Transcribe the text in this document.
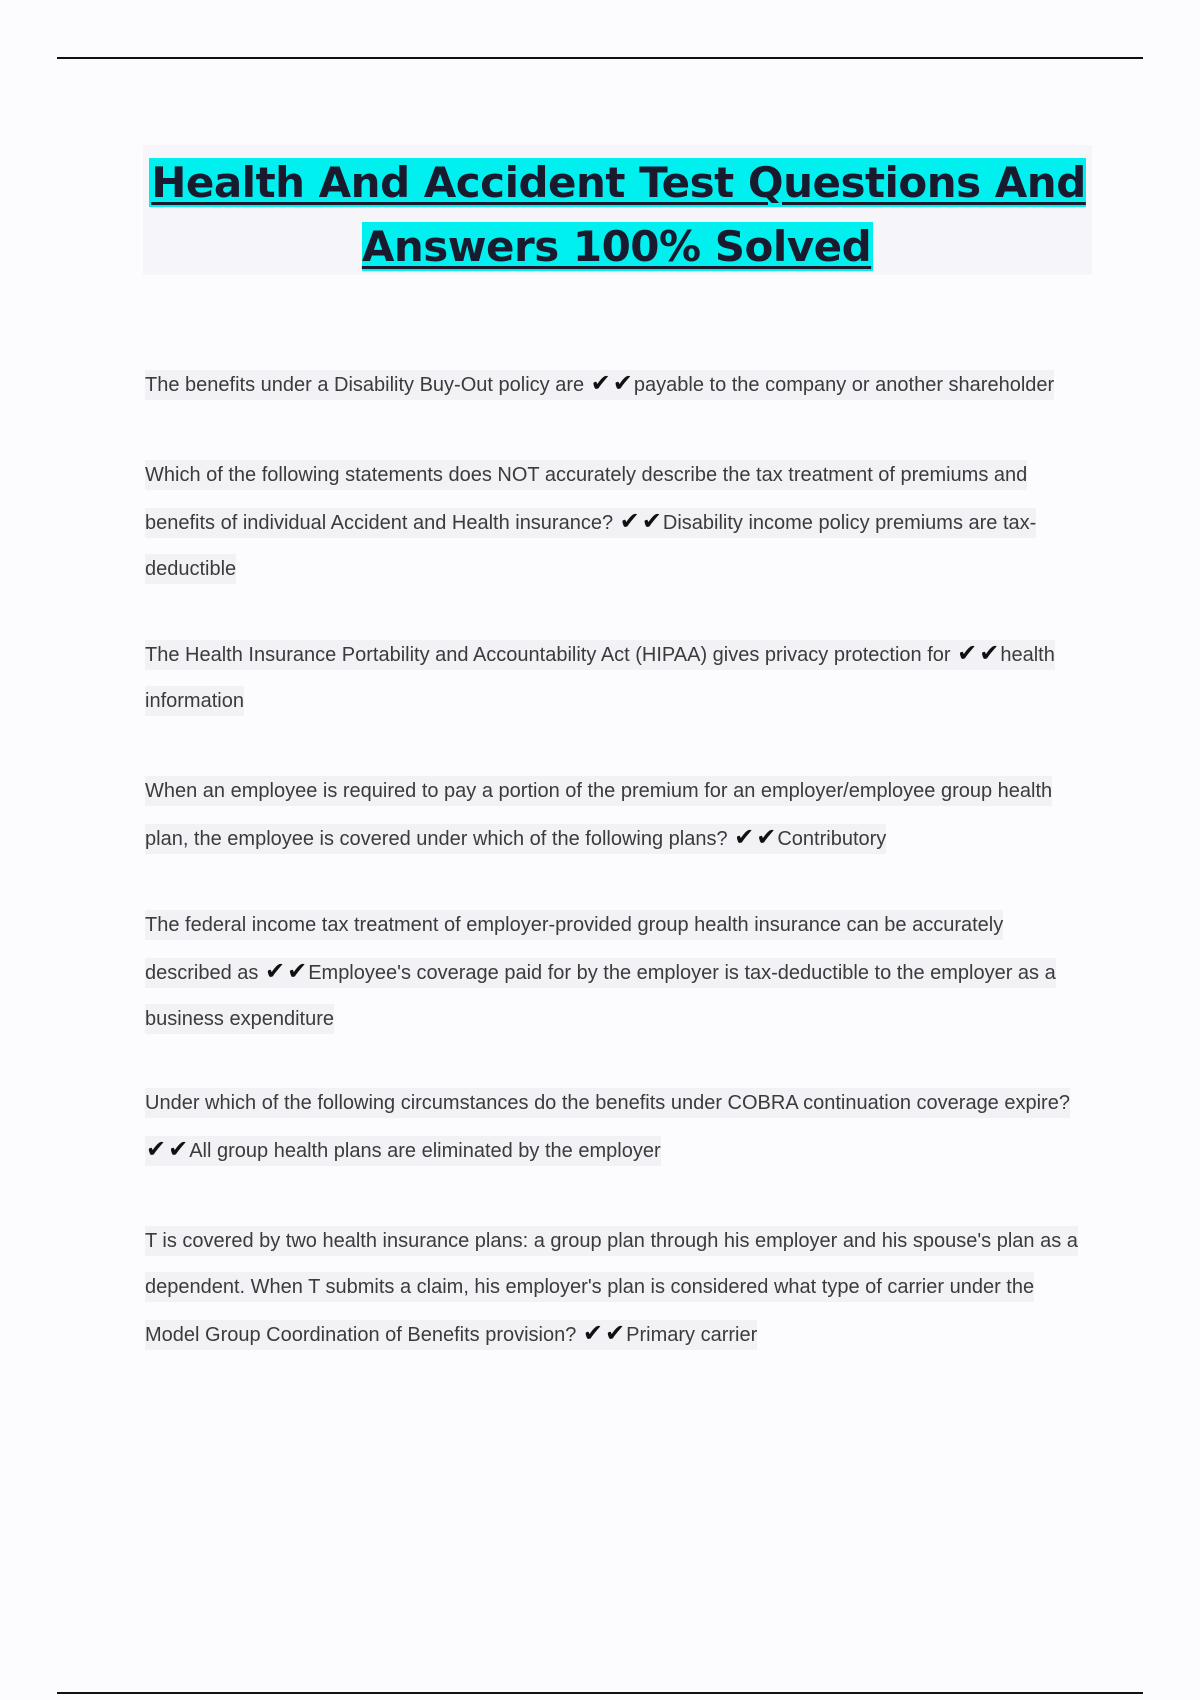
Health And Accident Test Questions And Answers 100% Solved

The benefits under a Disability Buy-Out policy are ✔✔payable to the company or another shareholder

Which of the following statements does NOT accurately describe the tax treatment of premiums and benefits of individual Accident and Health insurance? ✔✔Disability income policy premiums are tax-deductible

The Health Insurance Portability and Accountability Act (HIPAA) gives privacy protection for ✔✔health information

When an employee is required to pay a portion of the premium for an employer/employee group health plan, the employee is covered under which of the following plans? ✔✔Contributory

The federal income tax treatment of employer-provided group health insurance can be accurately described as ✔✔Employee's coverage paid for by the employer is tax-deductible to the employer as a business expenditure

Under which of the following circumstances do the benefits under COBRA continuation coverage expire? ✔✔All group health plans are eliminated by the employer

T is covered by two health insurance plans: a group plan through his employer and his spouse's plan as a dependent. When T submits a claim, his employer's plan is considered what type of carrier under the Model Group Coordination of Benefits provision? ✔✔Primary carrier
